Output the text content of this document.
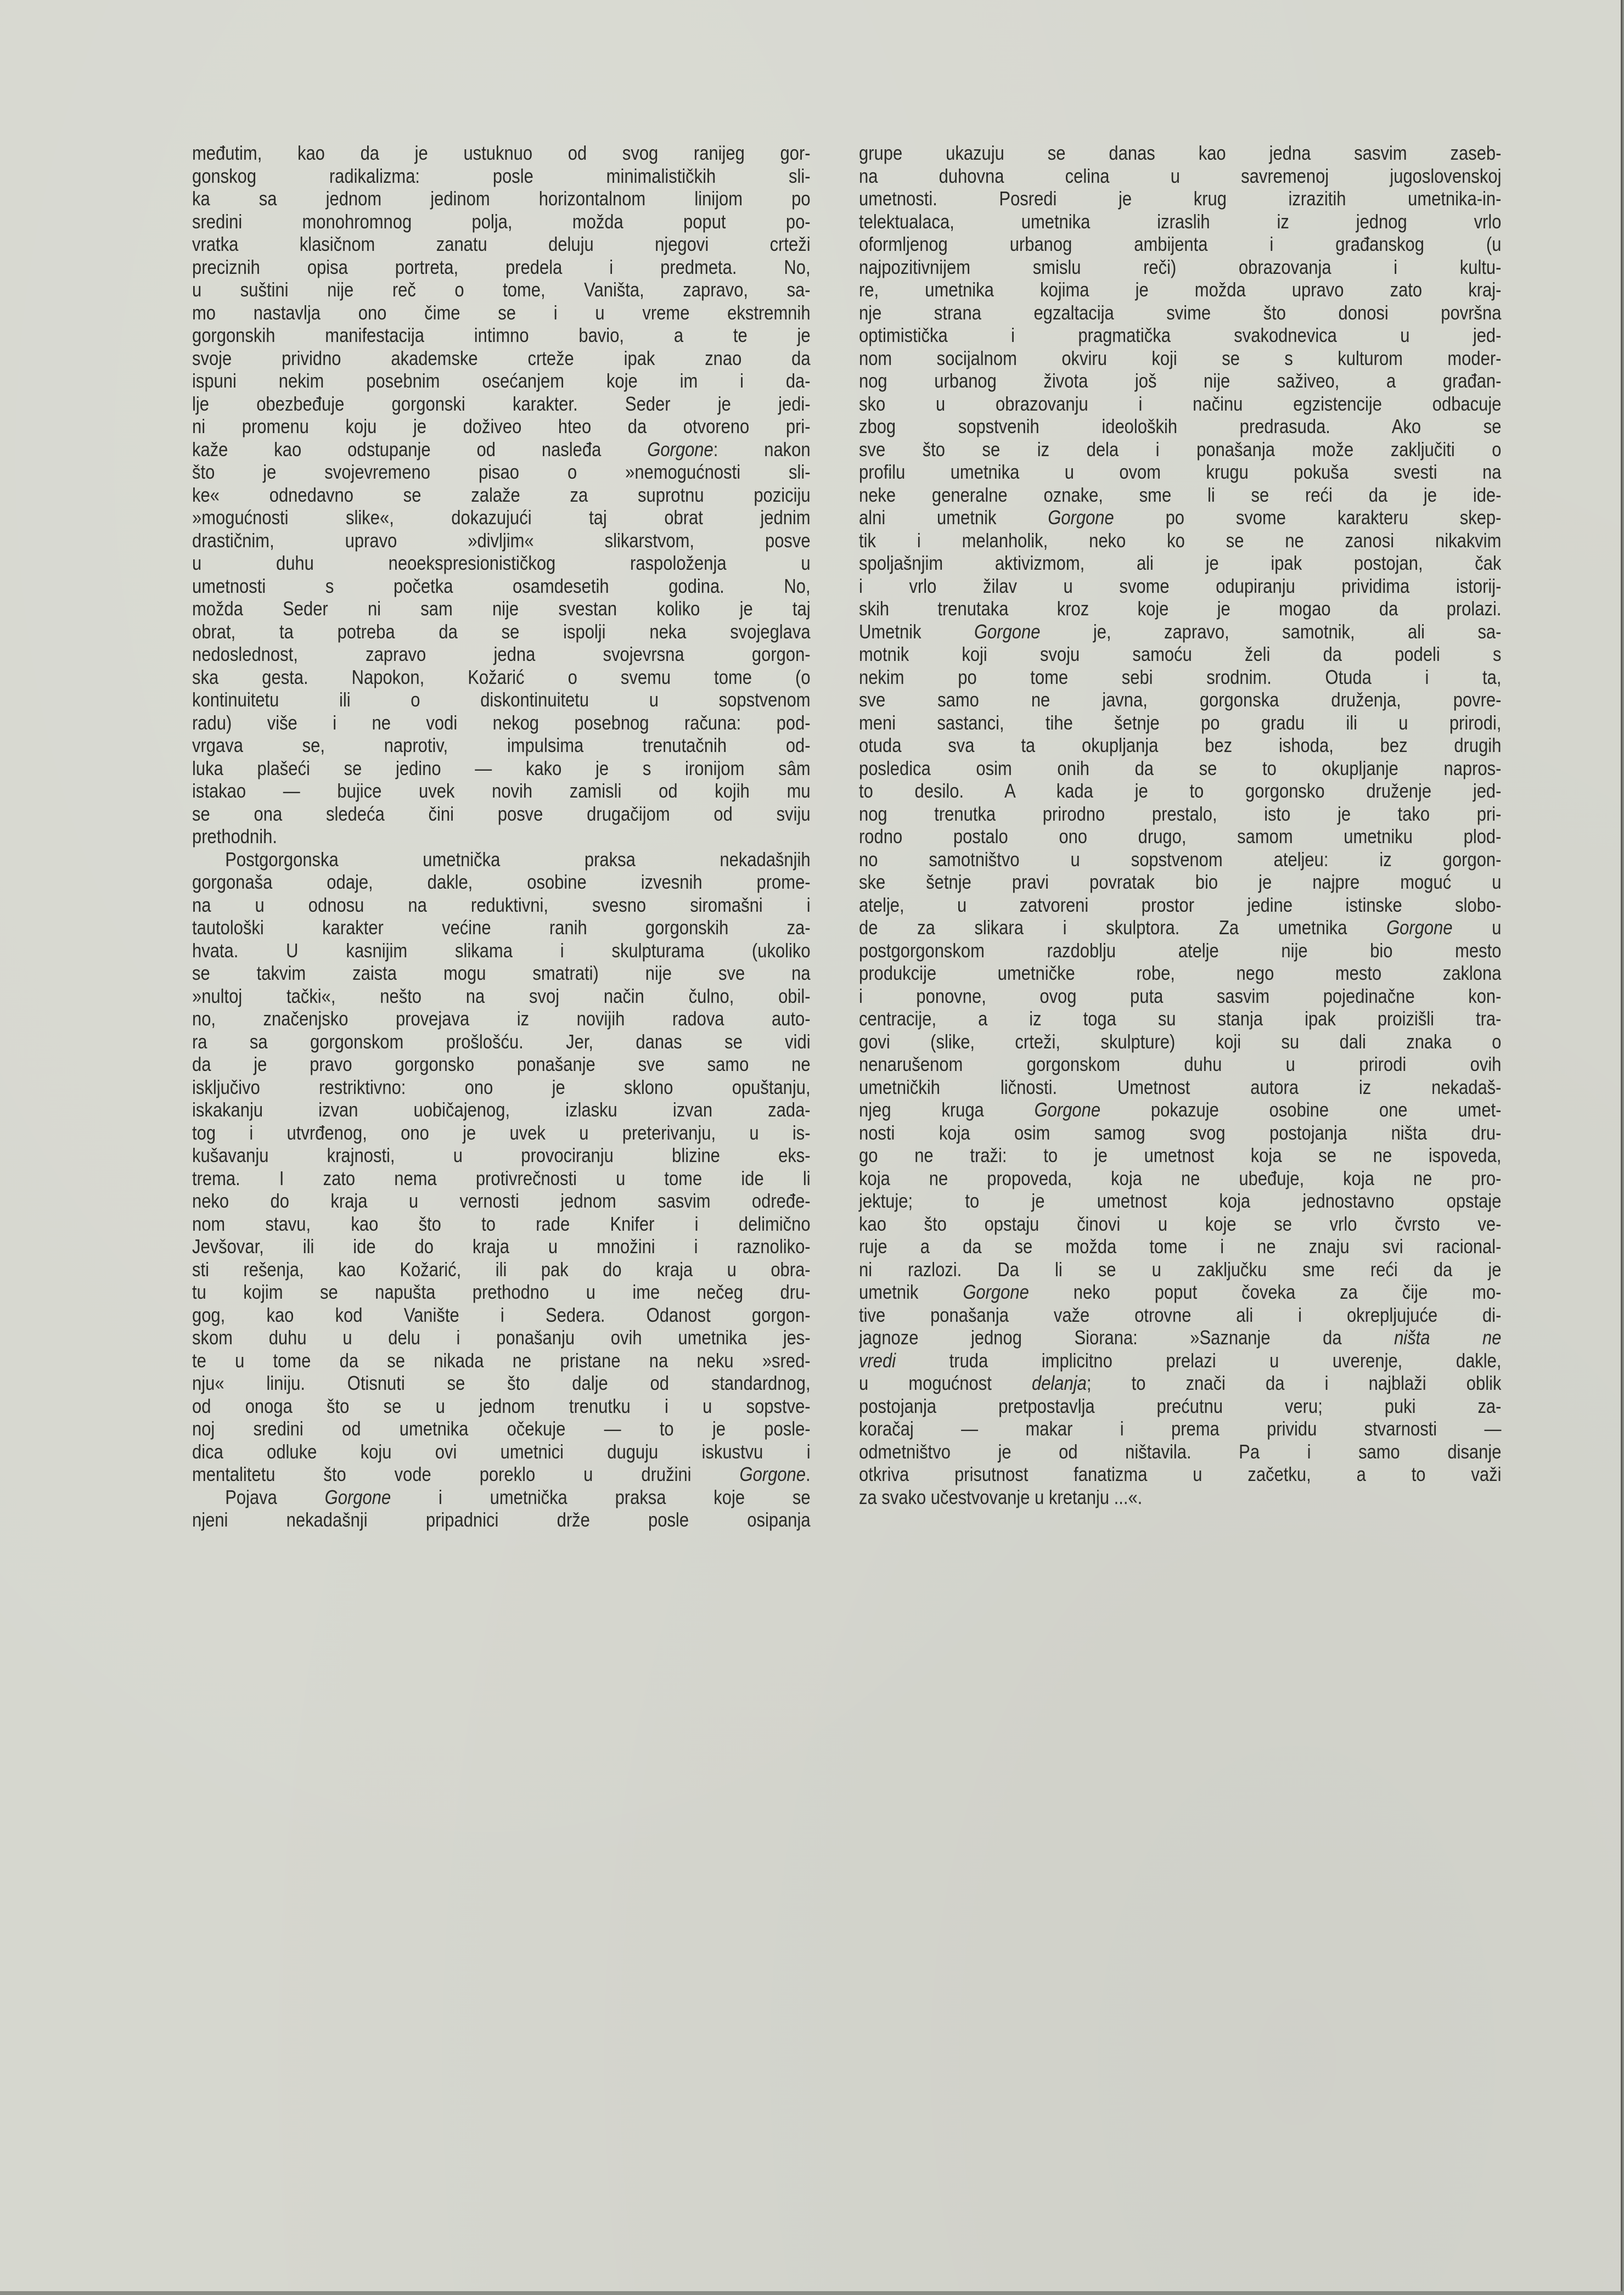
međutim, kao da je ustuknuo od svog ranijeg gor-
gonskog radikalizma: posle minimalističkih sli-
ka sa jednom jedinom horizontalnom linijom po
sredini monohromnog polja, možda poput po-
vratka klasičnom zanatu deluju njegovi crteži
preciznih opisa portreta, predela i predmeta. No,
u suštini nije reč o tome, Vaništa, zapravo, sa-
mo nastavlja ono čime se i u vreme ekstremnih
gorgonskih manifestacija intimno bavio, a te je
svoje prividno akademske crteže ipak znao da
ispuni nekim posebnim osećanjem koje im i da-
lje obezbeđuje gorgonski karakter. Seder je jedi-
ni promenu koju je doživeo hteo da otvoreno pri-
kaže kao odstupanje od nasleđa Gorgone: nakon
što je svojevremeno pisao o »nemogućnosti sli-
ke« odnedavno se zalaže za suprotnu poziciju
»mogućnosti slike«, dokazujući taj obrat jednim
drastičnim, upravo »divljim« slikarstvom, posve
u duhu neoekspresionističkog raspoloženja u
umetnosti s početka osamdesetih godina. No,
možda Seder ni sam nije svestan koliko je taj
obrat, ta potreba da se ispolji neka svojeglava
nedoslednost, zapravo jedna svojevrsna gorgon-
ska gesta. Napokon, Kožarić o svemu tome (o
kontinuitetu ili o diskontinuitetu u sopstvenom
radu) više i ne vodi nekog posebnog računa: pod-
vrgava se, naprotiv, impulsima trenutačnih od-
luka plašeći se jedino — kako je s ironijom sâm
istakao — bujice uvek novih zamisli od kojih mu
se ona sledeća čini posve drugačijom od sviju
prethodnih.
Postgorgonska umetnička praksa nekadašnjih
gorgonaša odaje, dakle, osobine izvesnih prome-
na u odnosu na reduktivni, svesno siromašni i
tautološki karakter većine ranih gorgonskih za-
hvata. U kasnijim slikama i skulpturama (ukoliko
se takvim zaista mogu smatrati) nije sve na
»nultoj tački«, nešto na svoj način čulno, obil-
no, značenjsko provejava iz novijih radova auto-
ra sa gorgonskom prošlošću. Jer, danas se vidi
da je pravo gorgonsko ponašanje sve samo ne
isključivo restriktivno: ono je sklono opuštanju,
iskakanju izvan uobičajenog, izlasku izvan zada-
tog i utvrđenog, ono je uvek u preterivanju, u is-
kušavanju krajnosti, u provociranju blizine eks-
trema. I zato nema protivrečnosti u tome ide li
neko do kraja u vernosti jednom sasvim određe-
nom stavu, kao što to rade Knifer i delimično
Jevšovar, ili ide do kraja u množini i raznoliko-
sti rešenja, kao Kožarić, ili pak do kraja u obra-
tu kojim se napušta prethodno u ime nečeg dru-
gog, kao kod Vanište i Sedera. Odanost gorgon-
skom duhu u delu i ponašanju ovih umetnika jes-
te u tome da se nikada ne pristane na neku »sred-
nju« liniju. Otisnuti se što dalje od standardnog,
od onoga što se u jednom trenutku i u sopstve-
noj sredini od umetnika očekuje — to je posle-
dica odluke koju ovi umetnici duguju iskustvu i
mentalitetu što vode poreklo u družini Gorgone.
Pojava Gorgone i umetnička praksa koje se
njeni nekadašnji pripadnici drže posle osipanja
grupe ukazuju se danas kao jedna sasvim zaseb-
na duhovna celina u savremenoj jugoslovenskoj
umetnosti. Posredi je krug izrazitih umetnika-in-
telektualaca, umetnika izraslih iz jednog vrlo
oformljenog urbanog ambijenta i građanskog (u
najpozitivnijem smislu reči) obrazovanja i kultu-
re, umetnika kojima je možda upravo zato kraj-
nje strana egzaltacija svime što donosi površna
optimistička i pragmatička svakodnevica u jed-
nom socijalnom okviru koji se s kulturom moder-
nog urbanog života još nije saživeo, a građan-
sko u obrazovanju i načinu egzistencije odbacuje
zbog sopstvenih ideoloških predrasuda. Ako se
sve što se iz dela i ponašanja može zaključiti o
profilu umetnika u ovom krugu pokuša svesti na
neke generalne oznake, sme li se reći da je ide-
alni umetnik Gorgone po svome karakteru skep-
tik i melanholik, neko ko se ne zanosi nikakvim
spoljašnjim aktivizmom, ali je ipak postojan, čak
i vrlo žilav u svome odupiranju prividima istorij-
skih trenutaka kroz koje je mogao da prolazi.
Umetnik Gorgone je, zapravo, samotnik, ali sa-
motnik koji svoju samoću želi da podeli s
nekim po tome sebi srodnim. Otuda i ta,
sve samo ne javna, gorgonska druženja, povre-
meni sastanci, tihe šetnje po gradu ili u prirodi,
otuda sva ta okupljanja bez ishoda, bez drugih
posledica osim onih da se to okupljanje napros-
to desilo. A kada je to gorgonsko druženje jed-
nog trenutka prirodno prestalo, isto je tako pri-
rodno postalo ono drugo, samom umetniku plod-
no samotništvo u sopstvenom ateljeu: iz gorgon-
ske šetnje pravi povratak bio je najpre moguć u
atelje, u zatvoreni prostor jedine istinske slobo-
de za slikara i skulptora. Za umetnika Gorgone u
postgorgonskom razdoblju atelje nije bio mesto
produkcije umetničke robe, nego mesto zaklona
i ponovne, ovog puta sasvim pojedinačne kon-
centracije, a iz toga su stanja ipak proizišli tra-
govi (slike, crteži, skulpture) koji su dali znaka o
nenarušenom gorgonskom duhu u prirodi ovih
umetničkih ličnosti. Umetnost autora iz nekadaš-
njeg kruga Gorgone pokazuje osobine one umet-
nosti koja osim samog svog postojanja ništa dru-
go ne traži: to je umetnost koja se ne ispoveda,
koja ne propoveda, koja ne ubeđuje, koja ne pro-
jektuje; to je umetnost koja jednostavno opstaje
kao što opstaju činovi u koje se vrlo čvrsto ve-
ruje a da se možda tome i ne znaju svi racional-
ni razlozi. Da li se u zaključku sme reći da je
umetnik Gorgone neko poput čoveka za čije mo-
tive ponašanja važe otrovne ali i okrepljujuće di-
jagnoze jednog Siorana: »Saznanje da ništa ne
vredi truda implicitno prelazi u uverenje, dakle,
u mogućnost delanja; to znači da i najblaži oblik
postojanja pretpostavlja prećutnu veru; puki za-
koračaj — makar i prema prividu stvarnosti —
odmetništvo je od ništavila. Pa i samo disanje
otkriva prisutnost fanatizma u začetku, a to važi
za svako učestvovanje u kretanju ...«.
